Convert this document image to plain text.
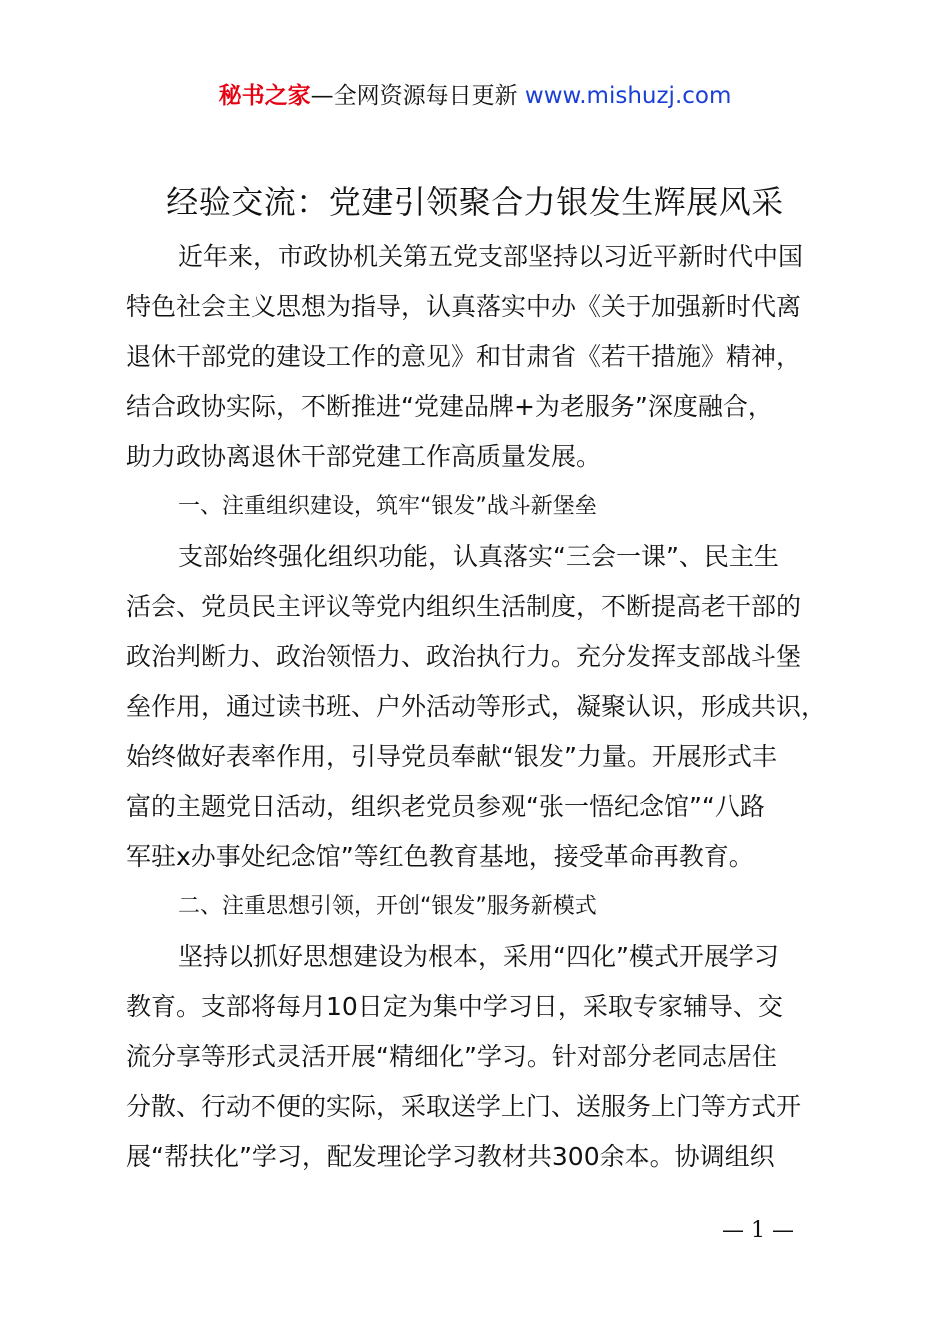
秘书之家—全网资源每日更新 www.mishuzj.com
经验交流：党建引领聚合力银发生辉展风采
近年来，市政协机关第五党支部坚持以习近平新时代中国
特色社会主义思想为指导，认真落实中办《关于加强新时代离
退休干部党的建设工作的意见》和甘肃省《若干措施》精神，
结合政协实际，不断推进“党建品牌+为老服务”深度融合，
助力政协离退休干部党建工作高质量发展。
一、注重组织建设，筑牢“银发”战斗新堡垒
支部始终强化组织功能，认真落实“三会一课”、民主生
活会、党员民主评议等党内组织生活制度，不断提高老干部的
政治判断力、政治领悟力、政治执行力。充分发挥支部战斗堡
垒作用，通过读书班、户外活动等形式，凝聚认识，形成共识，
始终做好表率作用，引导党员奉献“银发”力量。开展形式丰
富的主题党日活动，组织老党员参观“张一悟纪念馆”“八路
军驻x办事处纪念馆”等红色教育基地，接受革命再教育。
二、注重思想引领，开创“银发”服务新模式
坚持以抓好思想建设为根本，采用“四化”模式开展学习
教育。支部将每月10日定为集中学习日，采取专家辅导、交
流分享等形式灵活开展“精细化”学习。针对部分老同志居住
分散、行动不便的实际，采取送学上门、送服务上门等方式开
展“帮扶化”学习，配发理论学习教材共300余本。协调组织
— 1 —
